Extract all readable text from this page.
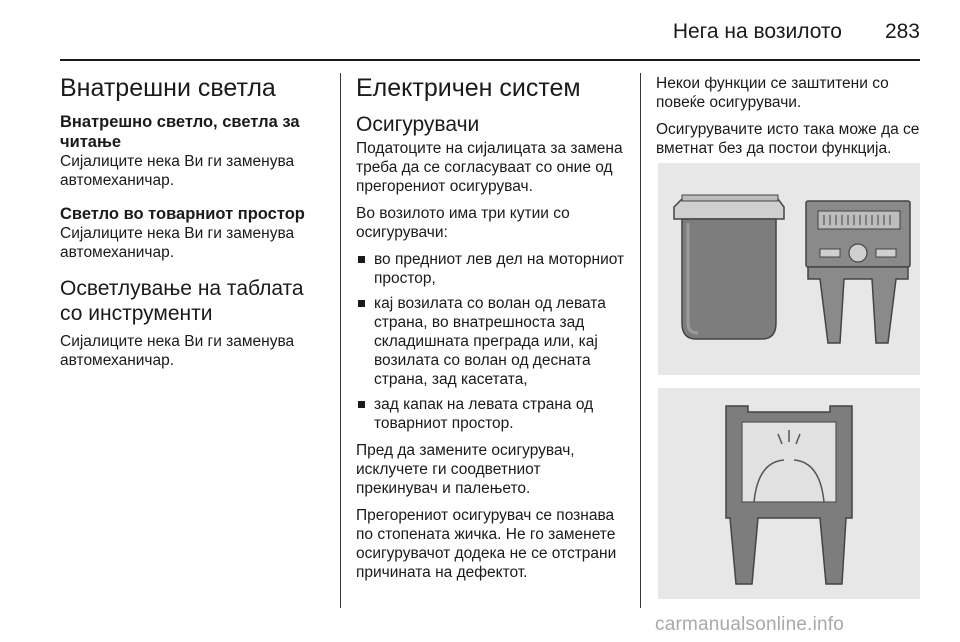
Нега на возилото 283
Внатрешни светла
Внатрешно светло, светла за читање

Сијалиците нека Ви ги заменува автомеханичар.

Светло во товарниот простор

Сијалиците нека Ви ги заменува автомеханичар.

Осветлување на таблата со инструменти

Сијалиците нека Ви ги заменува автомеханичар.

Електричен систем
Осигурувачи

Податоците на сијалицата за замена треба да се согласуваат со оние од прегорениот осигурувач.

Во возилото има три кутии со осигурувачи:

во предниот лев дел на моторниот простор,
кај возилата со волан од левата страна, во внатрешноста зад складишната преграда или, кај возилата со волан од десната страна, зад касетата,
зад капак на левата страна од товарниот простор.

Пред да замените осигурувач, исклучете ги соодветниот прекинувач и палењето.

Прегорениот осигурувач се познава по стопената жичка. Не го заменете осигурувачот додека не се отстрани причината на дефектот.

Некои функции се заштитени со повеќе осигурувачи.

Осигурувачите исто така може да се вметнат без да постои функција.

carmanualsonline.info
